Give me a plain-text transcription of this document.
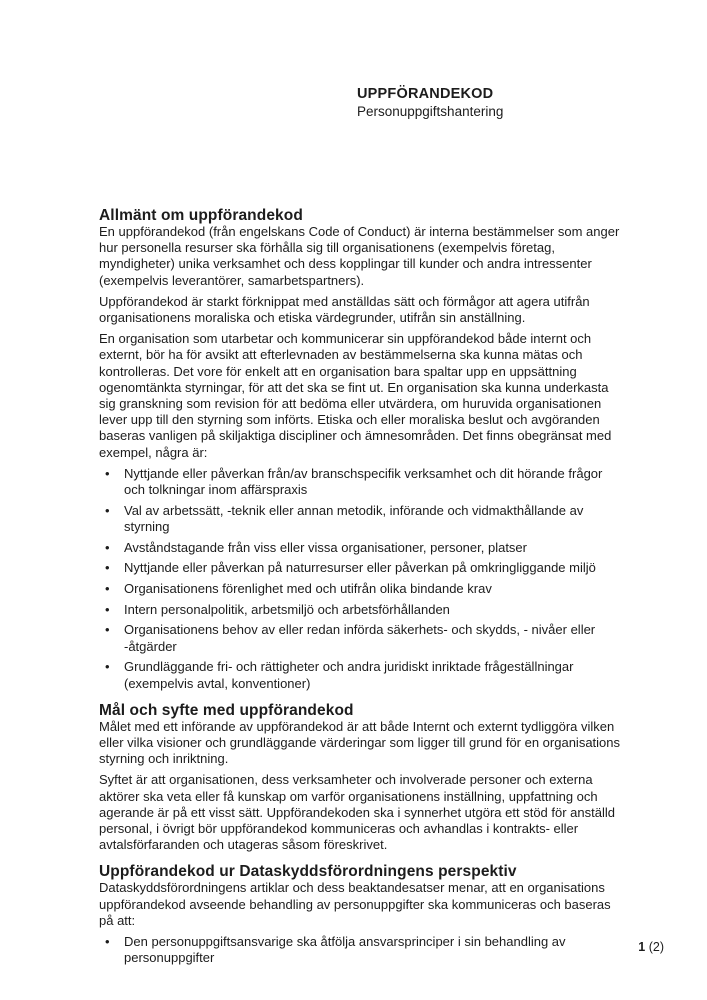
UPPFÖRANDEKOD
Personuppgiftshantering
Allmänt om uppförandekod

En uppförandekod (från engelskans Code of Conduct) är interna bestämmelser som anger hur personella resurser ska förhålla sig till organisationens (exempelvis företag, myndigheter) unika verksamhet och dess kopplingar till kunder och andra intressenter (exempelvis leverantörer, samarbetspartners).

Uppförandekod är starkt förknippat med anställdas sätt och förmågor att agera utifrån organisationens moraliska och etiska värdegrunder, utifrån sin anställning.

En organisation som utarbetar och kommunicerar sin uppförandekod både internt och externt, bör ha för avsikt att efterlevnaden av bestämmelserna ska kunna mätas och kontrolleras. Det vore för enkelt att en organisation bara spaltar upp en uppsättning ogenomtänkta styrningar, för att det ska se fint ut. En organisation ska kunna underkasta sig granskning som revision för att bedöma eller utvärdera, om huruvida organisationen lever upp till den styrning som införts. Etiska och eller moraliska beslut och avgöranden baseras vanligen på skiljaktiga discipliner och ämnesområden. Det finns obegränsat med exempel, några är:

• Nyttjande eller påverkan från/av branschspecifik verksamhet och dit hörande frågor och tolkningar inom affärspraxis
• Val av arbetssätt, -teknik eller annan metodik, införande och vidmakthållande av styrning
• Avståndstagande från viss eller vissa organisationer, personer, platser
• Nyttjande eller påverkan på naturresurser eller påverkan på omkringliggande miljö
• Organisationens förenlighet med och utifrån olika bindande krav
• Intern personalpolitik, arbetsmiljö och arbetsförhållanden
• Organisationens behov av eller redan införda säkerhets- och skydds, - nivåer eller -åtgärder
• Grundläggande fri- och rättigheter och andra juridiskt inriktade frågeställningar (exempelvis avtal, konventioner)
Mål och syfte med uppförandekod

Målet med ett införande av uppförandekod är att både Internt och externt tydliggöra vilken eller vilka visioner och grundläggande värderingar som ligger till grund för en organisations styrning och inriktning.

Syftet är att organisationen, dess verksamheter och involverade personer och externa aktörer ska veta eller få kunskap om varför organisationens inställning, uppfattning och agerande är på ett visst sätt. Uppförandekoden ska i synnerhet utgöra ett stöd för anställd personal, i övrigt bör uppförandekod kommuniceras och avhandlas i kontrakts- eller avtalsförfaranden och utageras såsom föreskrivet.

Uppförandekod ur Dataskyddsförordningens perspektiv

Dataskyddsförordningens artiklar och dess beaktandesatser menar, att en organisations uppförandekod avseende behandling av personuppgifter ska kommuniceras och baseras på att:

• Den personuppgiftsansvarige ska åtfölja ansvarsprinciper i sin behandling av personuppgifter
1 (2)
